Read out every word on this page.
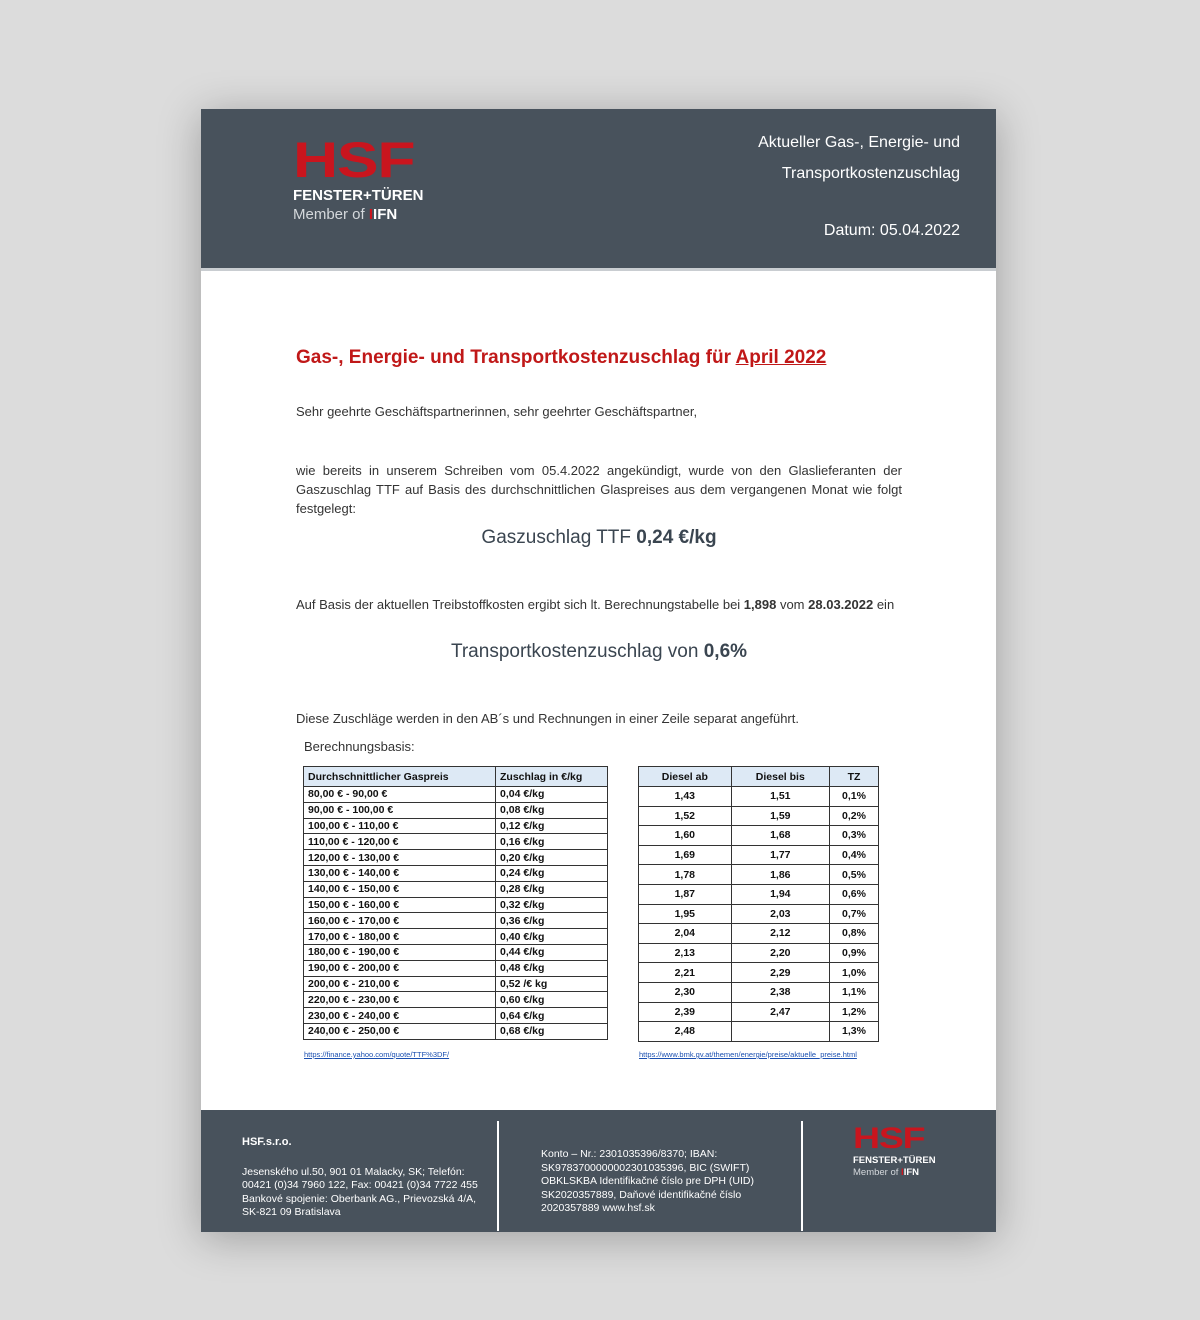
HSF
FENSTER+TÜREN
Member of IIFN
Aktueller Gas-, Energie- und
Transportkostenzuschlag
Datum: 05.04.2022
Gas-, Energie- und Transportkostenzuschlag für April 2022
Sehr geehrte Geschäftspartnerinnen, sehr geehrter Geschäftspartner,
wie bereits in unserem Schreiben vom 05.4.2022 angekündigt, wurde von den Glaslieferanten der Gaszuschlag TTF auf Basis des durchschnittlichen Glaspreises aus dem vergangenen Monat wie folgt festgelegt:
Gaszuschlag TTF 0,24 €/kg
Auf Basis der aktuellen Treibstoffkosten ergibt sich lt. Berechnungstabelle bei 1,898 vom 28.03.2022 ein
Transportkostenzuschlag von 0,6%
Diese Zuschläge werden in den AB´s und Rechnungen in einer Zeile separat angeführt.
Berechnungsbasis:
Durchschnittlicher Gaspreis	Zuschlag in €/kg
80,00 € - 90,00 €	0,04 €/kg
90,00 € - 100,00 €	0,08 €/kg
100,00 € - 110,00 €	0,12 €/kg
110,00 € - 120,00 €	0,16 €/kg
120,00 € - 130,00 €	0,20 €/kg
130,00 € - 140,00 €	0,24 €/kg
140,00 € - 150,00 €	0,28 €/kg
150,00 € - 160,00 €	0,32 €/kg
160,00 € - 170,00 €	0,36 €/kg
170,00 € - 180,00 €	0,40 €/kg
180,00 € - 190,00 €	0,44 €/kg
190,00 € - 200,00 €	0,48 €/kg
200,00 € - 210,00 €	0,52 /€ kg
220,00 € - 230,00 €	0,60 €/kg
230,00 € - 240,00 €	0,64 €/kg
240,00 € - 250,00 €	0,68 €/kg
https://finance.yahoo.com/quote/TTF%3DF/
Diesel ab	Diesel bis	TZ
1,43	1,51	0,1%
1,52	1,59	0,2%
1,60	1,68	0,3%
1,69	1,77	0,4%
1,78	1,86	0,5%
1,87	1,94	0,6%
1,95	2,03	0,7%
2,04	2,12	0,8%
2,13	2,20	0,9%
2,21	2,29	1,0%
2,30	2,38	1,1%
2,39	2,47	1,2%
2,48		1,3%
https://www.bmk.gv.at/themen/energie/preise/aktuelle_preise.html
HSF.s.r.o.
Jesenského ul.50, 901 01 Malacky, SK; Telefón: 00421 (0)34 7960 122, Fax: 00421 (0)34 7722 455 Bankové spojenie: Oberbank AG., Prievozská 4/A, SK-821 09 Bratislava
Konto – Nr.: 2301035396/8370; IBAN: SK9783700000002301035396, BIC (SWIFT) OBKLSKBA Identifikačné číslo pre DPH (UID) SK2020357889, Daňové identifikačné číslo 2020357889 www.hsf.sk
HSF
FENSTER+TÜREN
Member of IIFN
